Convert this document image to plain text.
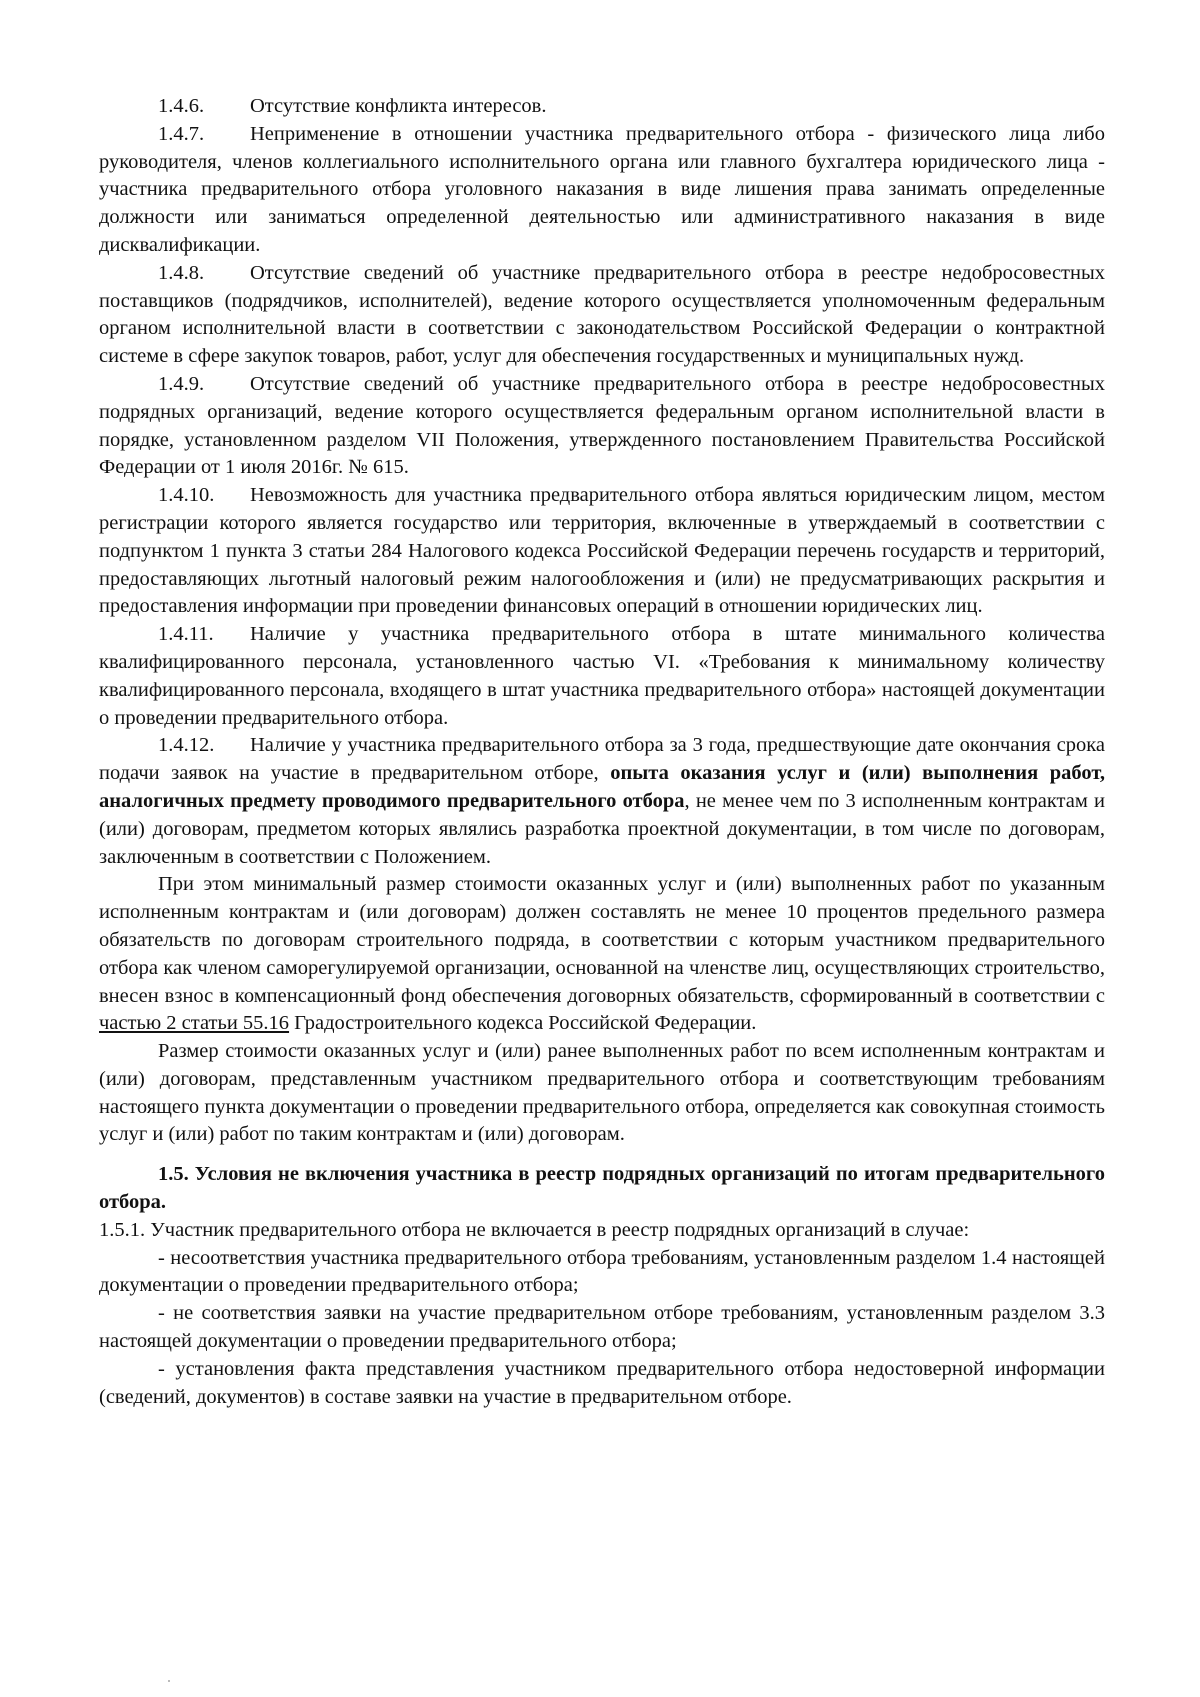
1.4.6. Отсутствие конфликта интересов.

1.4.7. Неприменение в отношении участника предварительного отбора - физического лица либо руководителя, членов коллегиального исполнительного органа или главного бухгалтера юридического лица - участника предварительного отбора уголовного наказания в виде лишения права занимать определенные должности или заниматься определенной деятельностью или административного наказания в виде дисквалификации.

1.4.8. Отсутствие сведений об участнике предварительного отбора в реестре недобросовестных поставщиков (подрядчиков, исполнителей), ведение которого осуществляется уполномоченным федеральным органом исполнительной власти в соответствии с законодательством Российской Федерации о контрактной системе в сфере закупок товаров, работ, услуг для обеспечения государственных и муниципальных нужд.

1.4.9. Отсутствие сведений об участнике предварительного отбора в реестре недобросовестных подрядных организаций, ведение которого осуществляется федеральным органом исполнительной власти в порядке, установленном разделом VII Положения, утвержденного постановлением Правительства Российской Федерации от 1 июля 2016г. № 615.

1.4.10. Невозможность для участника предварительного отбора являться юридическим лицом, местом регистрации которого является государство или территория, включенные в утверждаемый в соответствии с подпунктом 1 пункта 3 статьи 284 Налогового кодекса Российской Федерации перечень государств и территорий, предоставляющих льготный налоговый режим налогообложения и (или) не предусматривающих раскрытия и предоставления информации при проведении финансовых операций в отношении юридических лиц.

1.4.11. Наличие у участника предварительного отбора в штате минимального количества квалифицированного персонала, установленного частью VI. «Требования к минимальному количеству квалифицированного персонала, входящего в штат участника предварительного отбора» настоящей документации о проведении предварительного отбора.

1.4.12. Наличие у участника предварительного отбора за 3 года, предшествующие дате окончания срока подачи заявок на участие в предварительном отборе, опыта оказания услуг и (или) выполнения работ, аналогичных предмету проводимого предварительного отбора, не менее чем по 3 исполненным контрактам и (или) договорам, предметом которых являлись разработка проектной документации, в том числе по договорам, заключенным в соответствии с Положением.

При этом минимальный размер стоимости оказанных услуг и (или) выполненных работ по указанным исполненным контрактам и (или договорам) должен составлять не менее 10 процентов предельного размера обязательств по договорам строительного подряда, в соответствии с которым участником предварительного отбора как членом саморегулируемой организации, основанной на членстве лиц, осуществляющих строительство, внесен взнос в компенсационный фонд обеспечения договорных обязательств, сформированный в соответствии с частью 2 статьи 55.16 Градостроительного кодекса Российской Федерации.

Размер стоимости оказанных услуг и (или) ранее выполненных работ по всем исполненным контрактам и (или) договорам, представленным участником предварительного отбора и соответствующим требованиям настоящего пункта документации о проведении предварительного отбора, определяется как совокупная стоимость услуг и (или) работ по таким контрактам и (или) договорам.

1.5. Условия не включения участника в реестр подрядных организаций по итогам предварительного отбора.

1.5.1. Участник предварительного отбора не включается в реестр подрядных организаций в случае:

- несоответствия участника предварительного отбора требованиям, установленным разделом 1.4 настоящей документации о проведении предварительного отбора;

- не соответствия заявки на участие предварительном отборе требованиям, установленным разделом 3.3 настоящей документации о проведении предварительного отбора;

- установления факта представления участником предварительного отбора недостоверной информации (сведений, документов) в составе заявки на участие в предварительном отборе.
